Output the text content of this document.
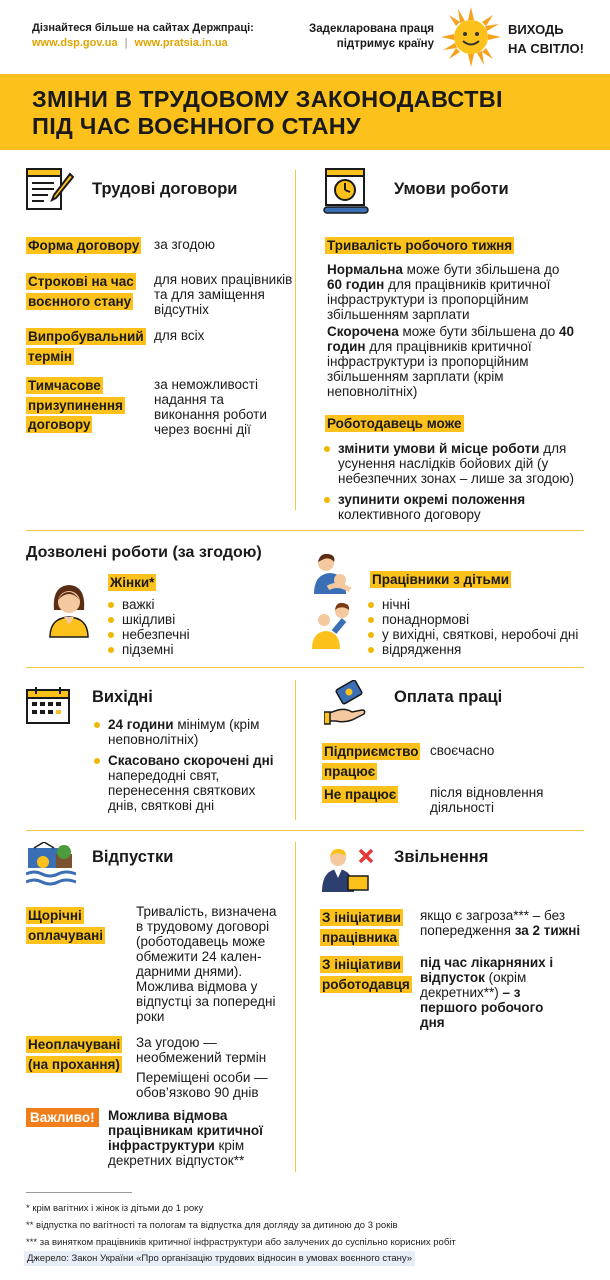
Дізнайтеся більше на сайтах Держпраці:
www.dsp.gov.ua | www.pratsia.in.ua
Задекларована праця
підтримує країну
ВИХОДЬ
НА СВІТЛО!
ЗМІНИ В ТРУДОВОМУ ЗАКОНОДАВСТВІ
ПІД ЧАС ВОЄННОГО СТАНУ
Трудові договори
Форма договору	за згодою
Строкові на час воєнного стану
для нових працівників та для заміщення відсутніх
Випробувальний термін
для всіх
Тимчасове призупинення договору
за неможливості надання та виконання роботи через воєнні дії
Умови роботи
Тривалість робочого тижня
Нормальна може бути збільшена до 60 годин для працівників критичної інфраструктури із пропорційним збільшенням зарплати
Скорочена може бути збільшена до 40 годин для працівників критичної інфраструктури із пропорційним збільшенням зарплати (крім неповнолітніх)
Роботодавець може
змінити умови й місце роботи для усунення наслідків бойових дій (у небезпечних зонах – лише за згодою)
зупинити окремі положення колективного договору
Дозволені роботи (за згодою)
Жінки*
важкі
шкідливі
небезпечні
підземні
Працівники з дітьми
нічні
понаднормові
у вихідні, святкові, неробочі дні
відрядження
Вихідні
24 години мінімум (крім неповнолітніх)
Скасовано скорочені дні напередодні свят, перенесення святкових днів, святкові дні
Оплата праці
Підприємство працює
своєчасно
Не працює	після відновлення діяльності
Відпустки
Щорічні оплачувані
Тривалість, визначена в трудовому договорі (роботодавець може обмежити 24 кален-дарними днями). Можлива відмова у відпустці за попередні роки
Неоплачувані (на прохання)
За угодою — необмежений термін
Переміщені особи — обов’язково 90 днів
Важливо! Можлива відмова працівникам критичної інфраструктури крім декретних відпусток**
Звільнення
З ініціативи працівника
якщо є загроза*** – без попередження за 2 тижні
З ініціативи роботодавця
під час лікарняних і відпусток (окрім декретних**) – з першого робочого дня
* крім вагітних і жінок із дітьми до 1 року
** відпустка по вагітності та пологам та відпустка для догляду за дитиною до 3 років
*** за винятком працівників критичної інфраструктури або залучених до суспільно корисних робіт
Джерело: Закон України «Про організацію трудових відносин в умовах воєнного стану»
